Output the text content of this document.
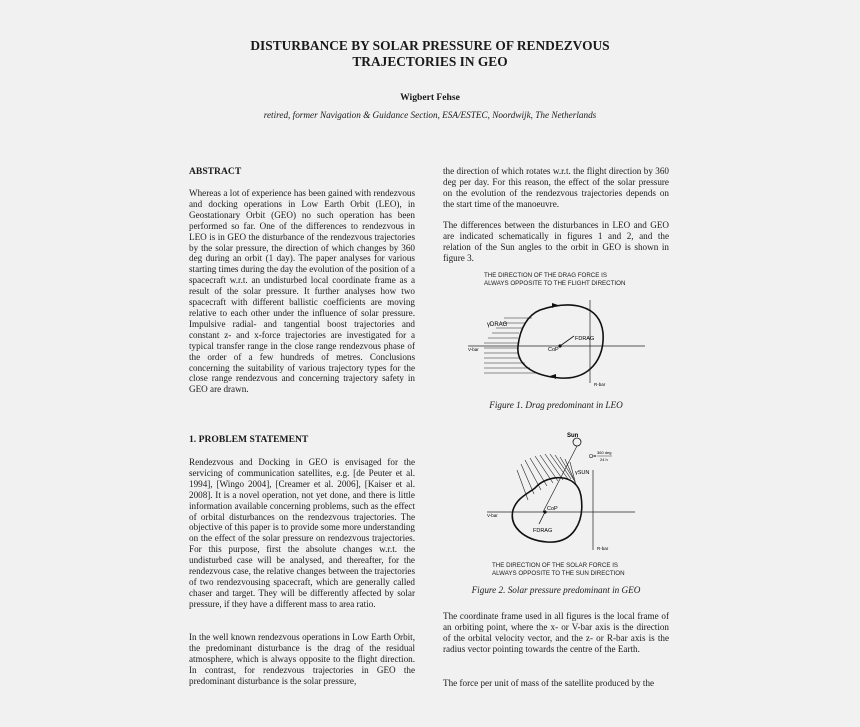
DISTURBANCE BY SOLAR PRESSURE OF RENDEZVOUS
TRAJECTORIES IN GEO
Wigbert Fehse
retired, former Navigation & Guidance Section, ESA/ESTEC, Noordwijk, The Netherlands
ABSTRACT
Whereas a lot of experience has been gained with rendezvous and docking operations in Low Earth Orbit (LEO), in Geostationary Orbit (GEO) no such operation has been performed so far. One of the differences to rendezvous in LEO is in GEO the disturbance of the rendezvous trajectories by the solar pressure, the direction of which changes by 360 deg during an orbit (1 day). The paper analyses for various starting times during the day the evolution of the position of a spacecraft w.r.t. an undisturbed local coordinate frame as a result of the solar pressure. It further analyses how two spacecraft with different ballistic coefficients are moving relative to each other under the influence of solar pressure. Impulsive radial- and tangential boost trajectories and constant z- and x-force trajectories are investigated for a typical transfer range in the close range rendezvous phase of the order of a few hundreds of metres. Conclusions concerning the suitability of various trajectory types for the close range rendezvous and concerning trajectory safety in GEO are drawn.
1. PROBLEM STATEMENT
Rendezvous and Docking in GEO is envisaged for the servicing of communication satellites, e.g. [de Peuter et al. 1994], [Wingo 2004], [Creamer et al. 2006], [Kaiser et al. 2008]. It is a novel operation, not yet done, and there is little information available concerning problems, such as the effect of orbital disturbances on the rendezvous trajectories. The objective of this paper is to provide some more understanding on the effect of the solar pressure on rendezvous trajectories. For this purpose, first the absolute changes w.r.t. the undisturbed case will be analysed, and thereafter, for the rendezvous case, the relative changes between the trajectories of two rendezvousing spacecraft, which are generally called chaser and target. They will be differently affected by solar pressure, if they have a different mass to area ratio.
In the well known rendezvous operations in Low Earth Orbit, the predominant disturbance is the drag of the residual atmosphere, which is always opposite to the flight direction. In contrast, for rendezvous trajectories in GEO the predominant disturbance is the solar pressure,
the direction of which rotates w.r.t. the flight direction by 360 deg per day. For this reason, the effect of the solar pressure on the evolution of the rendezvous trajectories depends on the start time of the manoeuvre.
The differences between the disturbances in LEO and GEO are indicated schematically in figures 1 and 2, and the relation of the Sun angles to the orbit in GEO is shown in figure 3.
THE DIRECTION OF THE DRAG FORCE IS
ALWAYS OPPOSITE TO THE FLIGHT DIRECTION
γDRAG
FDRAG
CoP
V-bar
R-bar
Figure 1. Drag predominant in LEO
Sun
Ω=
360 deg
24 h
γSUN
CoP
FDRAG
V-bar
R-bar
THE DIRECTION OF THE SOLAR FORCE IS
ALWAYS OPPOSITE TO THE SUN DIRECTION
Figure 2. Solar pressure predominant in GEO
The coordinate frame used in all figures is the local frame of an orbiting point, where the x- or V-bar axis is the direction of the orbital velocity vector, and the z- or R-bar axis is the radius vector pointing towards the centre of the Earth.
The force per unit of mass of the satellite produced by the
